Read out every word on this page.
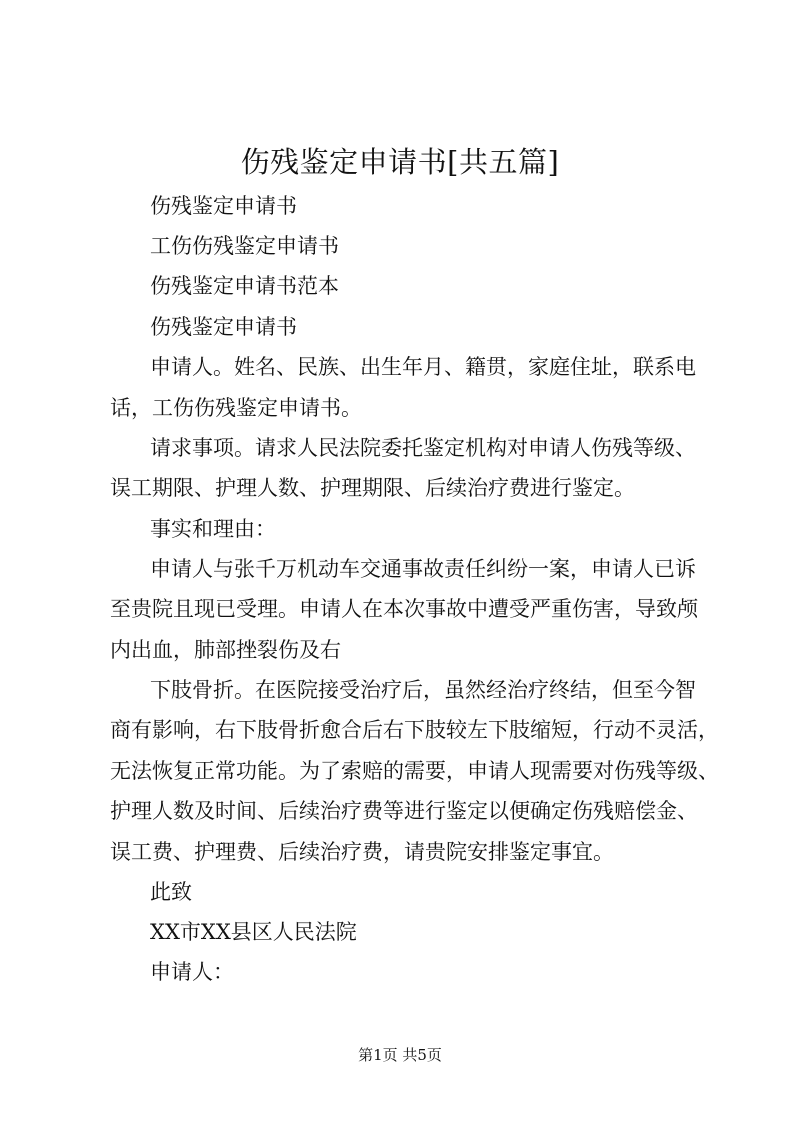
伤残鉴定申请书[共五篇]
伤残鉴定申请书
工伤伤残鉴定申请书
伤残鉴定申请书范本
伤残鉴定申请书
申请人。姓名、民族、出生年月、籍贯，家庭住址，联系电
话，工伤伤残鉴定申请书。
请求事项。请求人民法院委托鉴定机构对申请人伤残等级、
误工期限、护理人数、护理期限、后续治疗费进行鉴定。
事实和理由：
申请人与张千万机动车交通事故责任纠纷一案，申请人已诉
至贵院且现已受理。申请人在本次事故中遭受严重伤害，导致颅
内出血，肺部挫裂伤及右
下肢骨折。在医院接受治疗后，虽然经治疗终结，但至今智
商有影响，右下肢骨折愈合后右下肢较左下肢缩短，行动不灵活，
无法恢复正常功能。为了索赔的需要，申请人现需要对伤残等级、
护理人数及时间、后续治疗费等进行鉴定以便确定伤残赔偿金、
误工费、护理费、后续治疗费，请贵院安排鉴定事宜。
此致
XX市XX县区人民法院
申请人：
第1页 共5页
